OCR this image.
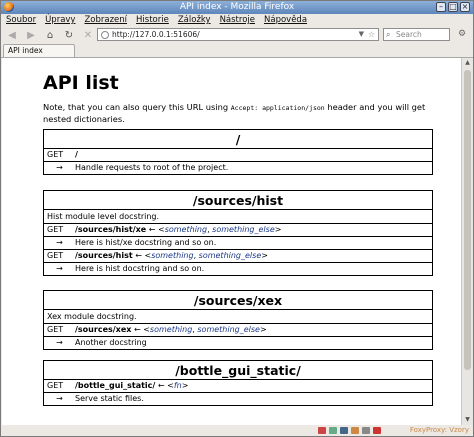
API index - Mozilla Firefox	– □ ×
Soubor Úpravy Zobrazení Historie Záložky Nástroje Nápověda
◀	▶	⌂	↻	✕	http://127.0.0.1:51606/	▼ ☆ ⌕ Search	⚙
API index
API list
Note, that you can also query this URL using Accept: application/json header and you will get nested dictionaries.
/
GET	/
→	Handle requests to root of the project.
/sources/hist
Hist module level docstring.
GET	/sources/hist/xe ← <something, something_else>
→	Here is hist/xe docstring and so on.
GET	/sources/hist ← <something, something_else>
→	Here is hist docstring and so on.
/sources/xex
Xex module docstring.
GET	/sources/xex ← <something, something_else>
→	Another docstring
/bottle_gui_static/
GET	/bottle_gui_static/ ← <fn>
→	Serve static files.
▲
▼
FoxyProxy: Vzory
